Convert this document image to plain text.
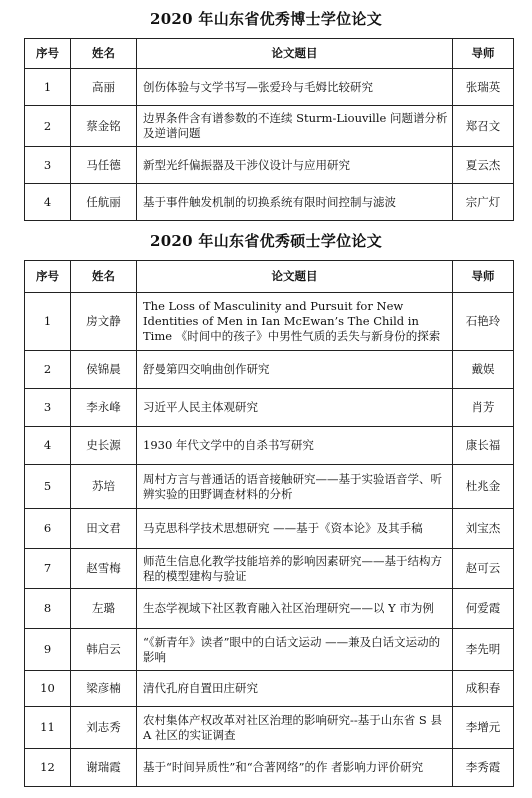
2020 年山东省优秀博士学位论文
序号	姓名	论文题目	导师
1	高丽	创伤体验与文学书写—张爱玲与毛姆比较研究	张瑞英
2	蔡金铭	边界条件含有谱参数的不连续 Sturm-Liouville 问题谱分析及逆谱问题	郑召文
3	马任德	新型光纤偏振器及干涉仪设计与应用研究	夏云杰
4	任航丽	基于事件触发机制的切换系统有限时间控制与滤波	宗广灯
2020 年山东省优秀硕士学位论文
序号	姓名	论文题目	导师
1	房文静	The Loss of Masculinity and Pursuit for New Identities of Men in Ian McEwan’s The Child in Time 《时间中的孩子》中男性气质的丢失与新身份的探索	石艳玲
2	侯锦晨	舒曼第四交响曲创作研究	戴娱
3	李永峰	习近平人民主体观研究	肖芳
4	史长源	1930 年代文学中的自杀书写研究	康长福
5	苏培	周村方言与普通话的语音接触研究——基于实验语音学、听辨实验的田野调查材料的分析	杜兆金
6	田文君	马克思科学技术思想研究 ——基于《资本论》及其手稿	刘宝杰
7	赵雪梅	师范生信息化教学技能培养的影响因素研究——基于结构方程的模型建构与验证	赵可云
8	左璐	生态学视域下社区教育融入社区治理研究——以 Y 市为例	何爱霞
9	韩启云	“《新青年》读者”眼中的白话文运动 ——兼及白话文运动的影响	李先明
10	梁彦楠	清代孔府自置田庄研究	成积春
11	刘志秀	农村集体产权改革对社区治理的影响研究--基于山东省 S 县 A 社区的实证调查	李增元
12	谢瑞霞	基于“时间异质性”和“合著网络”的作 者影响力评价研究	李秀霞
